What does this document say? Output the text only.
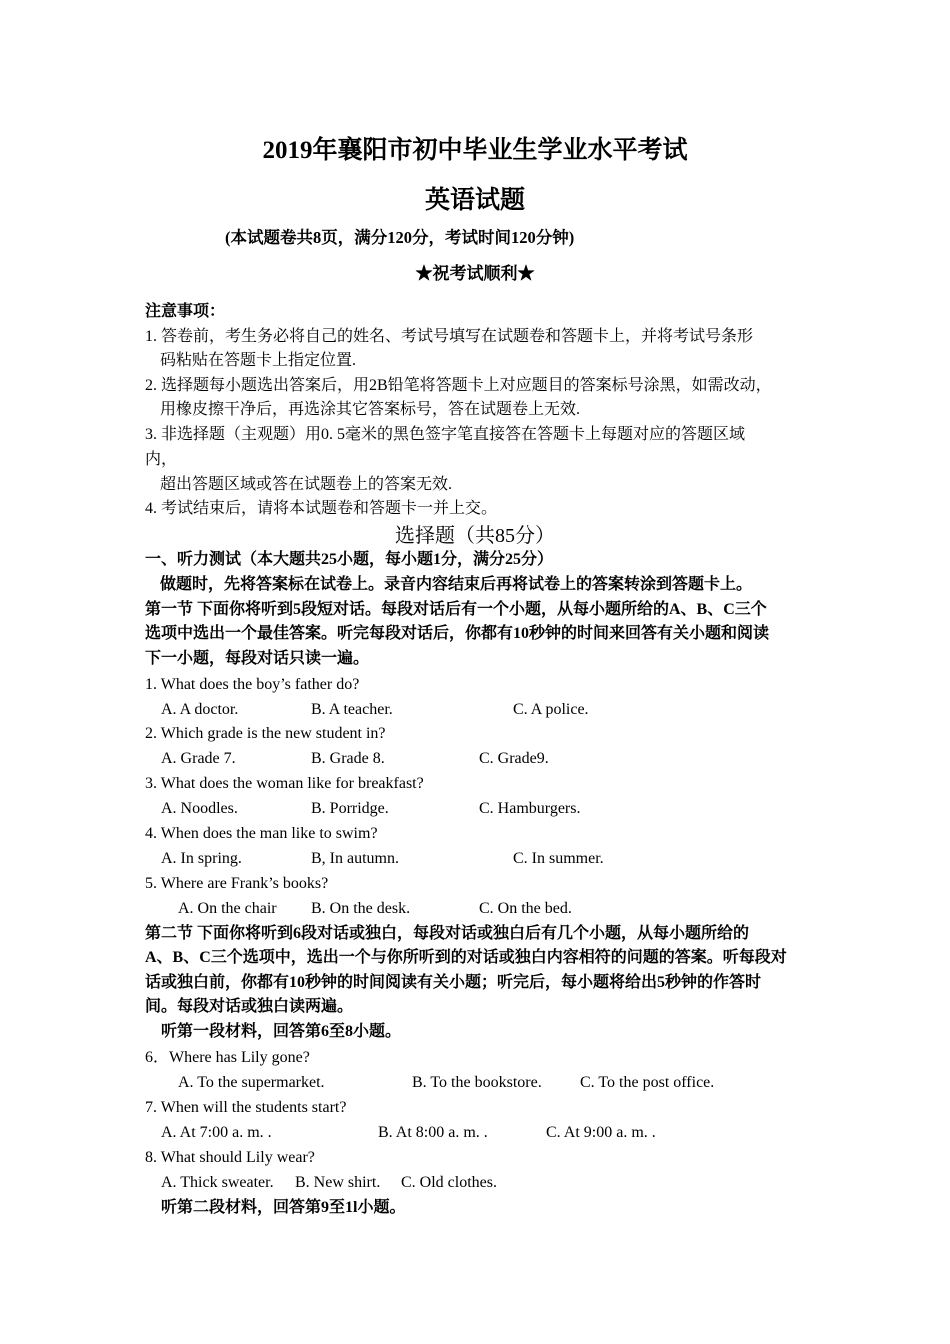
2019年襄阳市初中毕业生学业水平考试
英语试题
(本试题卷共8页，满分120分，考试时间120分钟)
★祝考试顺利★
注意事项：
1. 答卷前，考生务必将自己的姓名、考试号填写在试题卷和答题卡上，并将考试号条形
码粘贴在答题卡上指定位置.
2. 选择题每小题选出答案后，用2B铅笔将答题卡上对应题目的答案标号涂黑，如需改动，
用橡皮擦干净后，再选涂其它答案标号，答在试题卷上无效.
3. 非选择题（主观题）用0. 5毫米的黑色签字笔直接答在答题卡上每题对应的答题区域
内，
超出答题区域或答在试题卷上的答案无效.
4. 考试结束后，请将本试题卷和答题卡一并上交。
选择题（共85分）
一、听力测试（本大题共25小题，每小题1分，满分25分）
做题时，先将答案标在试卷上。录音内容结束后再将试卷上的答案转涂到答题卡上。
第一节 下面你将听到5段短对话。每段对话后有一个小题，从每小题所给的A、B、C三个
选项中选出一个最佳答案。听完每段对话后，你都有10秒钟的时间来回答有关小题和阅读
下一小题，每段对话只读一遍。
1. What does the boy’s father do?
A. A doctor.	B. A teacher.	C. A police.
2. Which grade is the new student in?
A. Grade 7.	B. Grade 8.	C. Grade9.
3. What does the woman like for breakfast?
A. Noodles.	B. Porridge.	C. Hamburgers.
4. When does the man like to swim?
A. In spring.	B, In autumn.	C. In summer.
5. Where are Frank’s books?
A. On the chair B. On the desk.	C. On the bed.
第二节 下面你将听到6段对话或独白，每段对话或独白后有几个小题，从每小题所给的
A、B、C三个选项中，选出一个与你所听到的对话或独白内容相符的问题的答案。听每段对
话或独白前，你都有10秒钟的时间阅读有关小题；听完后，每小题将给出5秒钟的作答时
间。每段对话或独白读两遍。
听第一段材料，回答第6至8小题。
6．Where has Lily gone?
A. To the supermarket.	B. To the bookstore. C. To the post office.
7. When will the students start?
A. At 7:00 a. m. .	B. At 8:00 a. m. .	C. At 9:00 a. m. .
8. What should Lily wear?
A. Thick sweater. B. New shirt. C. Old clothes.
听第二段材料，回答第9至1l小题。
